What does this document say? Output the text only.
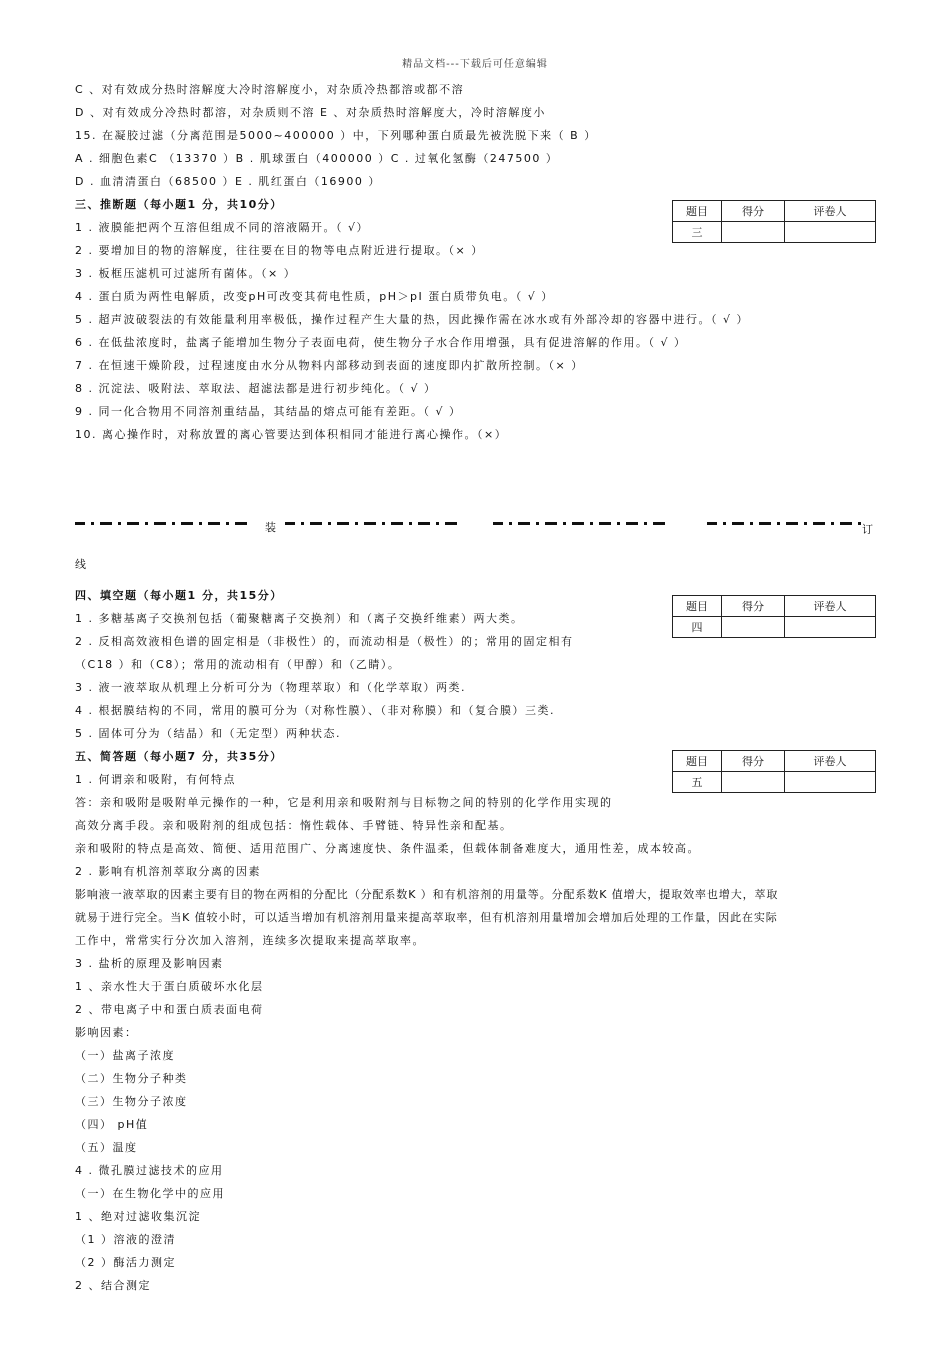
精品文档---下载后可任意编辑
C 、对有效成分热时溶解度大冷时溶解度小，对杂质冷热都溶或都不溶
D 、对有效成分冷热时都溶，对杂质则不溶 E 、对杂质热时溶解度大，冷时溶解度小
15. 在凝胶过滤（分离范围是5000~400000 ）中，下列哪种蛋白质最先被洗脱下来（ B ）
A . 细胞色素C （13370 ）B . 肌球蛋白（400000 ）C . 过氧化氢酶（247500 ）
D . 血清清蛋白（68500 ）E . 肌红蛋白（16900 ）
三、推断题（每小题1 分，共10分）
题目	得分	评卷人
三		
1 . 液膜能把两个互溶但组成不同的溶液隔开。（ √）
2 . 要增加目的物的溶解度，往往要在目的物等电点附近进行提取。（× ）
3 . 板框压滤机可过滤所有菌体。（× ）
4 . 蛋白质为两性电解质，改变pH可改变其荷电性质，pH＞pI 蛋白质带负电。（ √ ）
5 . 超声波破裂法的有效能量利用率极低，操作过程产生大量的热，因此操作需在冰水或有外部冷却的容器中进行。（ √ ）
6 . 在低盐浓度时，盐离子能增加生物分子表面电荷，使生物分子水合作用增强，具有促进溶解的作用。（ √ ）
7 . 在恒速干燥阶段，过程速度由水分从物料内部移动到表面的速度即内扩散所控制。（× ）
8 . 沉淀法、吸附法、萃取法、超滤法都是进行初步纯化。（ √ ）
9 . 同一化合物用不同溶剂重结晶，其结晶的熔点可能有差距。（ √ ）
10. 离心操作时，对称放置的离心管要达到体积相同才能进行离心操作。（×）
装	订
线
四、填空题（每小题1 分，共15分）
题目	得分	评卷人
四		
1 . 多糖基离子交换剂包括（葡聚糖离子交换剂）和（离子交换纤维素）两大类。
2 . 反相高效液相色谱的固定相是（非极性）的，而流动相是（极性）的；常用的固定相有
（C18 ）和（C8）；常用的流动相有（甲醇）和（乙睛）。
3 . 液一液萃取从机理上分析可分为（物理萃取）和（化学萃取）两类.
4 . 根据膜结构的不同，常用的膜可分为（对称性膜）、（非对称膜）和（复合膜）三类.
5 . 固体可分为（结晶）和（无定型）两种状态.
五、简答题（每小题7 分，共35分）	题目	得分	评卷人
五		
1 . 何谓亲和吸附，有何特点
答：亲和吸附是吸附单元操作的一种，它是利用亲和吸附剂与目标物之间的特别的化学作用实现的
高效分离手段。亲和吸附剂的组成包括：惰性载体、手臂链、特异性亲和配基。
亲和吸附的特点是高效、简便、适用范围广、分离速度快、条件温柔，但载体制备难度大，通用性差，成本较高。
2 . 影响有机溶剂萃取分离的因素
影响液一液萃取的因素主要有目的物在两相的分配比（分配系数K ）和有机溶剂的用量等。分配系数K 值增大，提取效率也增大，萃取
就易于进行完全。当K 值较小时，可以适当增加有机溶剂用量来提高萃取率，但有机溶剂用量增加会增加后处理的工作量，因此在实际
工作中，常常实行分次加入溶剂，连续多次提取来提高萃取率。
3 . 盐析的原理及影响因素
1 、亲水性大于蛋白质破坏水化层
2 、带电离子中和蛋白质表面电荷
影响因素：
（一）盐离子浓度
（二）生物分子种类
（三）生物分子浓度
（四） pH值
（五）温度
4 . 微孔膜过滤技术的应用
（一）在生物化学中的应用
1 、绝对过滤收集沉淀
（1 ）溶液的澄清
（2 ）酶活力测定
2 、结合测定
